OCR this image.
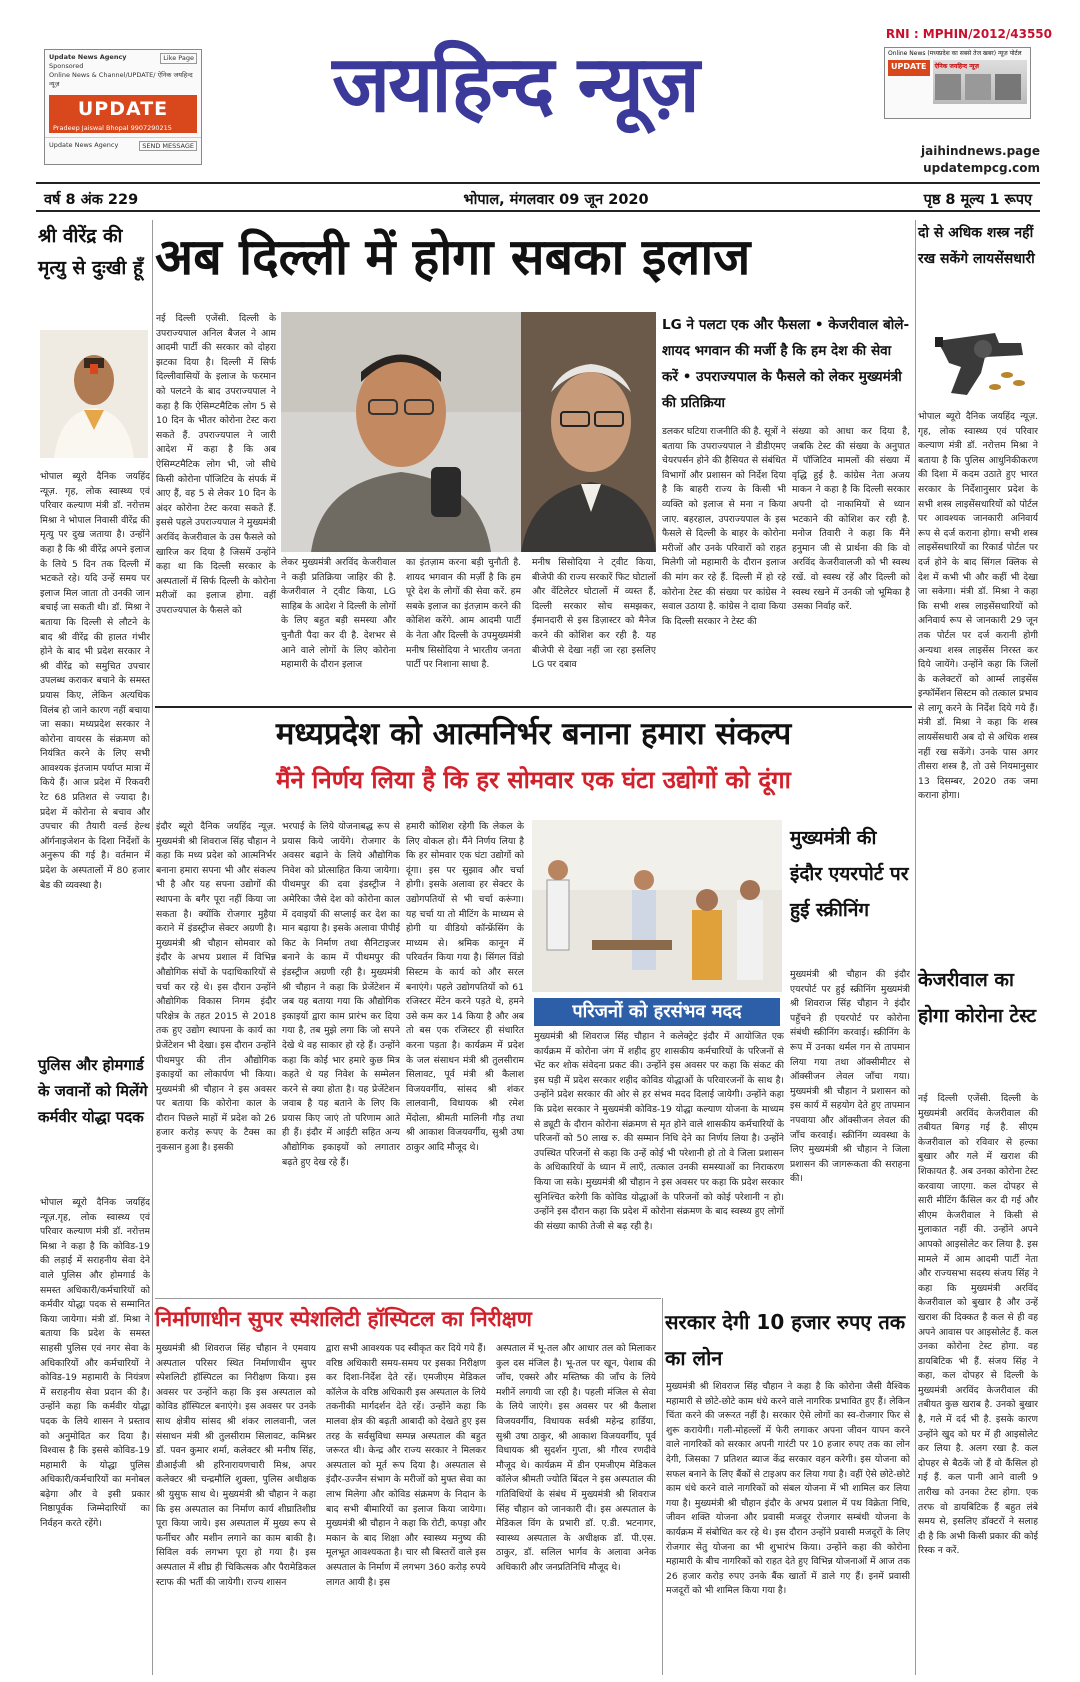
Update News Agency	Like Page

Sponsored
Online News & Channel/UPDATE/ ऐनिक जयहिन्द न्यूज़
UPDATE
Pradeep Jaiswal Bhopal 9907290215
Update News Agency	SEND MESSAGE
जयहिन्द न्यूज़
RNI : MPHIN/2012/43550
Online News (मध्यप्रदेश का सबसे तेज खबर) न्यूज़ पोर्टल
UPDATE	ऐनिक जयहिन्द न्यूज़
jaihindnews.page
updatempcg.com
वर्ष 8 अंक 229	भोपाल, मंगलवार 09 जून 2020	पृष्ठ 8 मूल्य 1 रूपए
श्री वीरेंद्र की मृत्यु से दुःखी हूँ
भोपाल ब्यूरो दैनिक जयहिंद न्यूज़. गृह, लोक स्वास्थ्य एवं परिवार कल्याण मंत्री डॉ. नरोत्तम मिश्रा ने भोपाल निवासी वीरेंद्र की मृत्यु पर दुख जताया है। उन्होंने कहा है कि श्री वीरेंद्र अपने इलाज के लिये 5 दिन तक दिल्ली में भटकते रहे। यदि उन्हें समय पर इलाज मिल जाता तो उनकी जान बचाई जा सकती थी। डॉ. मिश्रा ने बताया कि दिल्ली से लौटने के बाद श्री वीरेंद्र की हालत गंभीर होने के बाद भी प्रदेश सरकार ने श्री वीरेंद्र को समुचित उपचार उपलब्ध कराकर बचाने के समस्त प्रयास किए, लेकिन अत्यधिक विलंब हो जाने कारण नहीं बचाया जा सका। मध्यप्रदेश सरकार ने कोरोना वायरस के संक्रमण को नियंत्रित करने के लिए सभी आवश्यक इंतजाम पर्याप्त मात्रा में किये हैं। आज प्रदेश में रिकवरी रेट 68 प्रतिशत से ज्यादा है। प्रदेश में कोरोना से बचाव और उपचार की तैयारी वर्ल्ड हेल्थ ऑर्गनाइजेशन के दिशा निर्देशों के अनुरूप की गई है। वर्तमान में प्रदेश के अस्पतालों में 80 हजार बेड की व्यवस्था है।
पुलिस और होमगार्ड के जवानों को मिलेंगे कर्मवीर योद्धा पदक
भोपाल ब्यूरो दैनिक जयहिंद न्यूज़.गृह, लोक स्वास्थ्य एवं परिवार कल्याण मंत्री डॉ. नरोत्तम मिश्रा ने कहा है कि कोविड-19 की लड़ाई में सराहनीय सेवा देने वाले पुलिस और होमगार्ड के समस्त अधिकारी/कर्मचारियों को कर्मवीर योद्धा पदक से सम्मानित किया जायेगा। मंत्री डॉ. मिश्रा ने बताया कि प्रदेश के समस्त साहसी पुलिस एवं नगर सेवा के अधिकारियों और कर्मचारियों ने कोविड-19 महामारी के नियंत्रण में सराहनीय सेवा प्रदान की है। उन्होंने कहा कि कर्मवीर योद्धा पदक के लिये शासन ने प्रस्ताव को अनुमोदित कर दिया है। विश्वास है कि इससे कोविड-19 महामारी के योद्धा पुलिस अधिकारी/कर्मचारियों का मनोबल बढ़ेगा और वे इसी प्रकार निष्ठापूर्वक जिम्मेदारियों का निर्वहन करते रहेंगे।
अब दिल्ली में होगा सबका इलाज
नई दिल्ली एजेंसी. दिल्ली के उपराज्यपाल अनिल बैजल ने आम आदमी पार्टी की सरकार को दोहरा झटका दिया है। दिल्ली में सिर्फ दिल्लीवासियों के इलाज के फरमान को पलटने के बाद उपराज्यपाल ने कहा है कि ऐसिम्प्टमैटिक लोग 5 से 10 दिन के भीतर कोरोना टेस्ट करा सकते हैं. उपराज्यपाल ने जारी आदेश में कहा है कि अब ऐसिम्प्टमैटिक लोग भी, जो सीधे किसी कोरोना पॉजिटिव के संपर्क में आए हैं, वह 5 से लेकर 10 दिन के अंदर कोरोना टेस्ट करवा सकते हैं. इससे पहले उपराज्यपाल ने मुख्यमंत्री अरविंद केजरीवाल के उस फैसले को खारिज कर दिया है जिसमें उन्होंने कहा था कि दिल्ली सरकार के अस्पतालों में सिर्फ दिल्ली के कोरोना मरीजों का इलाज होगा. वहीं उपराज्यपाल के फैसले को
लेकर मुख्यमंत्री अरविंद केजरीवाल ने कड़ी प्रतिक्रिया जाहिर की है. केजरीवाल ने ट्वीट किया, LG साहिब के आदेश ने दिल्ली के लोगों के लिए बहुत बड़ी समस्या और चुनौती पैदा कर दी है. देशभर से आने वाले लोगों के लिए कोरोना महामारी के दौरान इलाज
का इंतज़ाम करना बड़ी चुनौती है. शायद भगवान की मर्ज़ी है कि हम पूरे देश के लोगों की सेवा करें. हम सबके इलाज का इंतज़ाम करने की कोशिश करेंगे. आम आदमी पार्टी के नेता और दिल्ली के उपमुख्यमंत्री मनीष सिसोदिया ने भारतीय जनता पार्टी पर निशाना साधा है.
मनीष सिसोदिया ने ट्वीट किया, बीजेपी की राज्य सरकारें फिट घोटालों और वेंटिलेटर घोटालों में व्यस्त हैं, दिल्ली सरकार सोच समझकर, ईमानदारी से इस डिज़ास्टर को मैनेज करने की कोशिश कर रही है. यह बीजेपी से देखा नहीं जा रहा इसलिए LG पर दबाव
LG ने पलटा एक और फैसला • केजरीवाल बोले- शायद भगवान की मर्जी है कि हम देश की सेवा करें • उपराज्यपाल के फैसले को लेकर मुख्यमंत्री की प्रतिक्रिया
डलकर घटिया राजनीति की है. सूत्रों ने बताया कि उपराज्यपाल ने डीडीएमए चेयरपर्सन होने की हैसियत से संबंधित विभागों और प्रशासन को निर्देश दिया है कि बाहरी राज्य के किसी भी व्यक्ति को इलाज से मना न किया जाए. बहरहाल, उपराज्यपाल के इस फैसले से दिल्ली के बाहर के कोरोना मरीजों और उनके परिवारों को राहत मिलेगी जो महामारी के दौरान इलाज की मांग कर रहे हैं. दिल्ली में हो रहे कोरोना टेस्ट की संख्या पर कांग्रेस ने सवाल उठाया है. कांग्रेस ने दावा किया कि दिल्ली सरकार ने टेस्ट की
संख्या को आधा कर दिया है, जबकि टेस्ट की संख्या के अनुपात में पॉजिटिव मामलों की संख्या में वृद्धि हुई है. कांग्रेस नेता अजय माकन ने कहा है कि दिल्ली सरकार अपनी दो नाकामियों से ध्यान भटकाने की कोशिश कर रही है. मनोज तिवारी ने कहा कि मैंने हनुमान जी से प्रार्थना की कि वो अरविंद केजरीवालजी को भी स्वस्थ रखें. वो स्वस्थ रहें और दिल्ली को स्वस्थ रखने में उनकी जो भूमिका है उसका निर्वाह करें.
दो से अधिक शस्त्र नहीं रख सकेंगे लायसेंसधारी
भोपाल ब्यूरो दैनिक जयहिंद न्यूज़. गृह, लोक स्वास्थ्य एवं परिवार कल्याण मंत्री डॉ. नरोत्तम मिश्रा ने बताया है कि पुलिस आधुनिकीकरण की दिशा में कदम उठाते हुए भारत सरकार के निर्देशानुसार प्रदेश के सभी शस्त्र लाइसेंसधारियों को पोर्टल पर आवश्यक जानकारी अनिवार्य रूप से दर्ज कराना होगा। सभी शस्त्र लाइसेंसधारियों का रिकार्ड पोर्टल पर दर्ज होने के बाद सिंगल क्लिक से देश में कभी भी और कहीं भी देखा जा सकेगा। मंत्री डॉ. मिश्रा ने कहा कि सभी शस्त्र लाइसेंसधारियों को अनिवार्य रूप से जानकारी 29 जून तक पोर्टल पर दर्ज करानी होगी अन्यथा शस्त्र लाइसेंस निरस्त कर दिये जायेंगे। उन्होंने कहा कि जिलों के कलेक्टरों को आर्म्स लाइसेंस इन्फॉर्मेशन सिस्टम को तत्काल प्रभाव से लागू करने के निर्देश दिये गये हैं। मंत्री डॉ. मिश्रा ने कहा कि शस्त्र लायसेंसधारी अब दो से अधिक शस्त्र नहीं रख सकेंगे। उनके पास अगर तीसरा शस्त्र है, तो उसे नियमानुसार 13 दिसम्बर, 2020 तक जमा कराना होगा।
केजरीवाल का होगा कोरोना टेस्ट
नई दिल्ली एजेंसी. दिल्ली के मुख्यमंत्री अरविंद केजरीवाल की तबीयत बिगड़ गई है. सीएम केजरीवाल को रविवार से हल्का बुखार और गले में खराश की शिकायत है. अब उनका कोरोना टेस्ट करवाया जाएगा. कल दोपहर से सारी मीटिंग कैंसिल कर दी गई और सीएम केजरीवाल ने किसी से मुलाकात नहीं की. उन्होंने अपने आपको आइसोलेट कर लिया है. इस मामले में आम आदमी पार्टी नेता और राज्यसभा सदस्य संजय सिंह ने कहा कि मुख्यमंत्री अरविंद केजरीवाल को बुखार है और उन्हें खराश की दिक्कत है कल से ही वह अपने आवास पर आइसोलेट हैं. कल उनका कोरोना टेस्ट होगा. वह डायबिटिक भी हैं. संजय सिंह ने कहा, कल दोपहर से दिल्ली के मुख्यमंत्री अरविंद केजरीवाल की तबीयत कुछ खराब है. उनको बुखार है, गले में दर्द भी है. इसके कारण उन्होंने खुद को घर में ही आइसोलेट कर लिया है. अलग रखा है. कल दोपहर से बैठकें जो हैं वो कैंसिल हो गई हैं. कल पानी आने वाली 9 तारीख को उनका टेस्ट होगा. एक तरफ वो डायबिटिक हैं बहुत लंबे समय से, इसलिए डॉक्टरों ने सलाह दी है कि अभी किसी प्रकार की कोई रिस्क न करें.
मध्यप्रदेश को आत्मनिर्भर बनाना हमारा संकल्प
मैंने निर्णय लिया है कि हर सोमवार एक घंटा उद्योगों को दूंगा
इंदौर ब्यूरो दैनिक जयहिंद न्यूज़. मुख्यमंत्री श्री शिवराज सिंह चौहान ने कहा कि मध्य प्रदेश को आत्मनिर्भर बनाना हमारा सपना भी और संकल्प भी है और यह सपना उद्योगों की स्थापना के बगैर पूरा नहीं किया जा सकता है। क्योंकि रोजगार मुहैया कराने में इंडस्ट्रीज सेक्टर अग्रणी है। मुख्यमंत्री श्री चौहान सोमवार को इंदौर के अभय प्रशाल में विभिन्न औद्योगिक संघों के पदाधिकारियों से चर्चा कर रहे थे। इस दौरान उन्होंने औद्योगिक विकास निगम इंदौर परिक्षेत्र के तहत 2015 से 2018 तक हुए उद्योग स्थापना के कार्य का प्रेजेंटेशन भी देखा। इस दौरान उन्होंने पीथमपुर की तीन औद्योगिक इकाइयों का लोकार्पण भी किया। मुख्यमंत्री श्री चौहान ने इस अवसर पर बताया कि कोरोना काल के दौरान पिछले माहों में प्रदेश को 26 हजार करोड़ रूपए के टैक्स का नुकसान हुआ है। इसकी
भरपाई के लिये योजनाबद्ध रूप से प्रयास किये जायेंगे। रोजगार के अवसर बढ़ाने के लिये औद्योगिक निवेश को प्रोत्साहित किया जायेगा। पीथमपुर की दवा इंडस्ट्रीज ने अमेरिका जैसे देश को कोरोना काल में दवाइयों की सप्लाई कर देश का मान बढ़ाया है। इसके अलावा पीपीई किट के निर्माण तथा सैनिटाइजर बनाने के काम में पीथमपुर की इंडस्ट्रीज अग्रणी रही है। मुख्यमंत्री श्री चौहान ने कहा कि प्रेजेंटेशन में जब यह बताया गया कि औद्योगिक इकाइयों द्वारा काम प्रारंभ कर दिया गया है, तब मुझे लगा कि जो सपने देखे थे वह साकार हो रहे हैं। उन्होंने कहा कि कोई भार हमारे कुछ मित्र कहते थे यह निवेश के सम्मेलन करने से क्या होता है। यह प्रेजेंटेशन जवाब है यह बताने के लिए कि प्रयास किए जाएं तो परिणाम आते ही हैं। इंदौर में आईटी सहित अन्य औद्योगिक इकाइयों को लगातार बढ़ते हुए देख रहे हैं।
हमारी कोशिश रहेगी कि लेकल के लिए वोकल हो। मैंने निर्णय लिया है कि हर सोमवार एक घंटा उद्योगों को दूंगा। इस पर सुझाव और चर्चा होगी। इसके अलावा हर सेक्टर के उद्योगपतियों से भी चर्चा करूंगा। यह चर्चा या तो मीटिंग के माध्यम से होगी या वीडियो कॉन्फ्रेंसिंग के माध्यम से। श्रमिक कानून में परिवर्तन किया गया है। सिंगल विंडो सिस्टम के कार्य को और सरल बनाएंगे। पहले उद्योगपतियों को 61 रजिस्टर मेंटेन करने पड़ते थे, हमने उसे कम कर 14 किया है और अब तो बस एक रजिस्टर ही संधारित करना पड़ता है। कार्यक्रम में प्रदेश के जल संसाधन मंत्री श्री तुलसीराम सिलावट, पूर्व मंत्री श्री कैलाश विजयवर्गीय, सांसद श्री शंकर लालवानी, विधायक श्री रमेश मेंदोला, श्रीमती मालिनी गौड़ तथा श्री आकाश विजयवर्गीय, सुश्री उषा ठाकुर आदि मौजूद थे।
परिजनों को हरसंभव मदद
मुख्यमंत्री श्री शिवराज सिंह चौहान ने कलेक्ट्रेट इंदौर में आयोजित एक कार्यक्रम में कोरोना जंग में शहीद हुए शासकीय कर्मचारियों के परिजनों से भेंट कर शोक संवेदना प्रकट की। उन्होंने इस अवसर पर कहा कि संकट की इस घड़ी में प्रदेश सरकार शहीद कोविड योद्धाओं के परिवारजनों के साथ है। उन्होंने प्रदेश सरकार की ओर से हर संभव मदद दिलाई जायेगी। उन्होंने कहा कि प्रदेश सरकार ने मुख्यमंत्री कोविड-19 योद्धा कल्याण योजना के माध्यम से ड्यूटी के दौरान कोरोना संक्रमण से मृत होने वाले शासकीय कर्मचारियों के परिजनों को 50 लाख रु. की सम्मान निधि देने का निर्णय लिया है। उन्होंने उपस्थित परिजनों से कहा कि उन्हें कोई भी परेशानी हो तो वे जिला प्रशासन के अधिकारियों के ध्यान में लाएँ, तत्काल उनकी समस्याओं का निराकरण किया जा सके। मुख्यमंत्री श्री चौहान ने इस अवसर पर कहा कि प्रदेश सरकार सुनिश्चित करेगी कि कोविड योद्धाओं के परिजनों को कोई परेशानी न हो। उन्होंने इस दौरान कहा कि प्रदेश में कोरोना संक्रमण के बाद स्वस्थ्य हुए लोगों की संख्या काफी तेजी से बढ़ रही है।
मुख्यमंत्री की इंदौर एयरपोर्ट पर हुई स्क्रीनिंग
मुख्यमंत्री श्री चौहान की इंदौर एयरपोर्ट पर हुई स्क्रीनिंग मुख्यमंत्री श्री शिवराज सिंह चौहान ने इंदौर पहुँचने ही एयरपोर्ट पर कोरोना संबंधी स्क्रीनिंग करवाई। स्क्रीनिंग के रूप में उनका थर्मल गन से तापमान लिया गया तथा ऑक्सीमीटर से ऑक्सीजन लेवल जाँचा गया। मुख्यमंत्री श्री चौहान ने प्रशासन को इस कार्य में सहयोग देते हुए तापमान नपवाया और ऑक्सीजन लेवल की जाँच करवाई। स्क्रीनिंग व्यवस्था के लिए मुख्यमंत्री श्री चौहान ने जिला प्रशासन की जागरूकता की सराहना की।
निर्माणाधीन सुपर स्पेशलिटी हॉस्पिटल का निरीक्षण
मुख्यमंत्री श्री शिवराज सिंह चौहान ने एमवाय अस्पताल परिसर स्थित निर्माणाधीन सुपर स्पेशलिटी हॉस्पिटल का निरीक्षण किया। इस अवसर पर उन्होंने कहा कि इस अस्पताल को कोविड हॉस्पिटल बनाएंगे। इस अवसर पर उनके साथ क्षेत्रीय सांसद श्री शंकर लालवानी, जल संसाधन मंत्री श्री तुलसीराम सिलावट, कमिश्नर डॉ. पवन कुमार शर्मा, कलेक्टर श्री मनीष सिंह, डीआईजी श्री हरिनारायणचारी मिश्र, अपर कलेक्टर श्री चन्द्रमौलि शुक्ला, पुलिस अधीक्षक श्री युसुफ साथ थे। मुख्यमंत्री श्री चौहान ने कहा कि इस अस्पताल का निर्माण कार्य शीघ्रातिशीघ्र पूरा किया जाये। इस अस्पताल में मुख्य रूप से फर्नीचर और मशीन लगाने का काम बाकी है। सिविल वर्क लगभग पूरा हो गया है। इस अस्पताल में शीघ्र ही चिकित्सक और पैरामेडिकल स्टाफ की भर्ती की जायेगी। राज्य शासन
द्वारा सभी आवश्यक पद स्वीकृत कर दिये गये हैं। वरिष्ठ अधिकारी समय-समय पर इसका निरीक्षण कर दिशा-निर्देश देते रहें। एमजीएम मेडिकल कॉलेज के वरिष्ठ अधिकारी इस अस्पताल के लिये तकनीकी मार्गदर्शन देते रहें। उन्होंने कहा कि मालवा क्षेत्र की बढ़ती आबादी को देखते हुए इस तरह के सर्वसुविधा सम्पन्न अस्पताल की बहुत जरूरत थी। केन्द्र और राज्य सरकार ने मिलकर अस्पताल को मूर्त रूप दिया है। अस्पताल से इंदौर-उज्जैन संभाग के मरीजों को मुफ्त सेवा का लाभ मिलेगा और कोविड संक्रमण के निदान के बाद सभी बीमारियों का इलाज किया जायेगा। मुख्यमंत्री श्री चौहान ने कहा कि रोटी, कपड़ा और मकान के बाद शिक्षा और स्वास्थ्य मनुष्य की मूलभूत आवश्यकता है। चार सौ बिस्तरों वाले इस अस्पताल के निर्माण में लगभग 360 करोड़ रुपये लागत आयी है। इस
अस्पताल में भू-तल और आधार तल को मिलाकर कुल दस मंजिल है। भू-तल पर खून, पेशाब की जाँच, एक्सरे और मस्तिष्क की जाँच के लिये मशीनें लगायी जा रही है। पहली मंजिल से सेवा के लिये जाएंगे। इस अवसर पर श्री कैलाश विजयवर्गीय, विधायक सर्वश्री महेन्द्र हार्डिया, सुश्री उषा ठाकुर, श्री आकाश विजयवर्गीय, पूर्व विधायक श्री सुदर्शन गुप्ता, श्री गौरव रणदीवे मौजूद थे। कार्यक्रम में डीन एमजीएम मेडिकल कॉलेज श्रीमती ज्योति बिंदल ने इस अस्पताल की गतिविधियों के संबंध में मुख्यमंत्री श्री शिवराज सिंह चौहान को जानकारी दी। इस अस्पताल के मेडिकल विंग के प्रभारी डॉ. ए.डी. भटनागर, स्वास्थ्य अस्पताल के अधीक्षक डॉ. पी.एस. ठाकुर, डॉ. सलिल भार्गव के अलावा अनेक अधिकारी और जनप्रतिनिधि मौजूद थे।
सरकार देगी 10 हजार रुपए तक का लोन
मुख्यमंत्री श्री शिवराज सिंह चौहान ने कहा है कि कोरोना जैसी वैश्विक महामारी से छोटे-छोटे काम धंधे करने वाले नागरिक प्रभावित हुए हैं। लेकिन चिंता करने की जरूरत नहीं है। सरकार ऐसे लोगों का स्व-रोजगार फिर से शुरू करायेगी। गली-मोहल्लों में फेरी लगाकर अपना जीवन यापन करने वाले नागरिकों को सरकार अपनी गारंटी पर 10 हजार रुपए तक का लोन देगी, जिसका 7 प्रतिशत ब्याज केंद्र सरकार वहन करेगी। इस योजना को सफल बनाने के लिए बैंकों से टाइअप कर लिया गया है। वहीं ऐसे छोटे-छोटे काम धंधे करने वाले नागरिकों को संबल योजना में भी शामिल कर लिया गया है। मुख्यमंत्री श्री चौहान इंदौर के अभय प्रशाल में पथ विक्रेता निधि, जीवन शक्ति योजना और प्रवासी मजदूर रोजगार सम्बंधी योजना के कार्यक्रम में संबोधित कर रहे थे। इस दौरान उन्होंने प्रवासी मजदूरों के लिए रोजगार सेतु योजना का भी शुभारंभ किया। उन्होंने कहा की कोरोना महामारी के बीच नागरिकों को राहत देते हुए विभिन्न योजनाओं में आज तक 26 हजार करोड़ रुपए उनके बैंक खातों में डाले गए हैं। इनमें प्रवासी मजदूरों को भी शामिल किया गया है।
